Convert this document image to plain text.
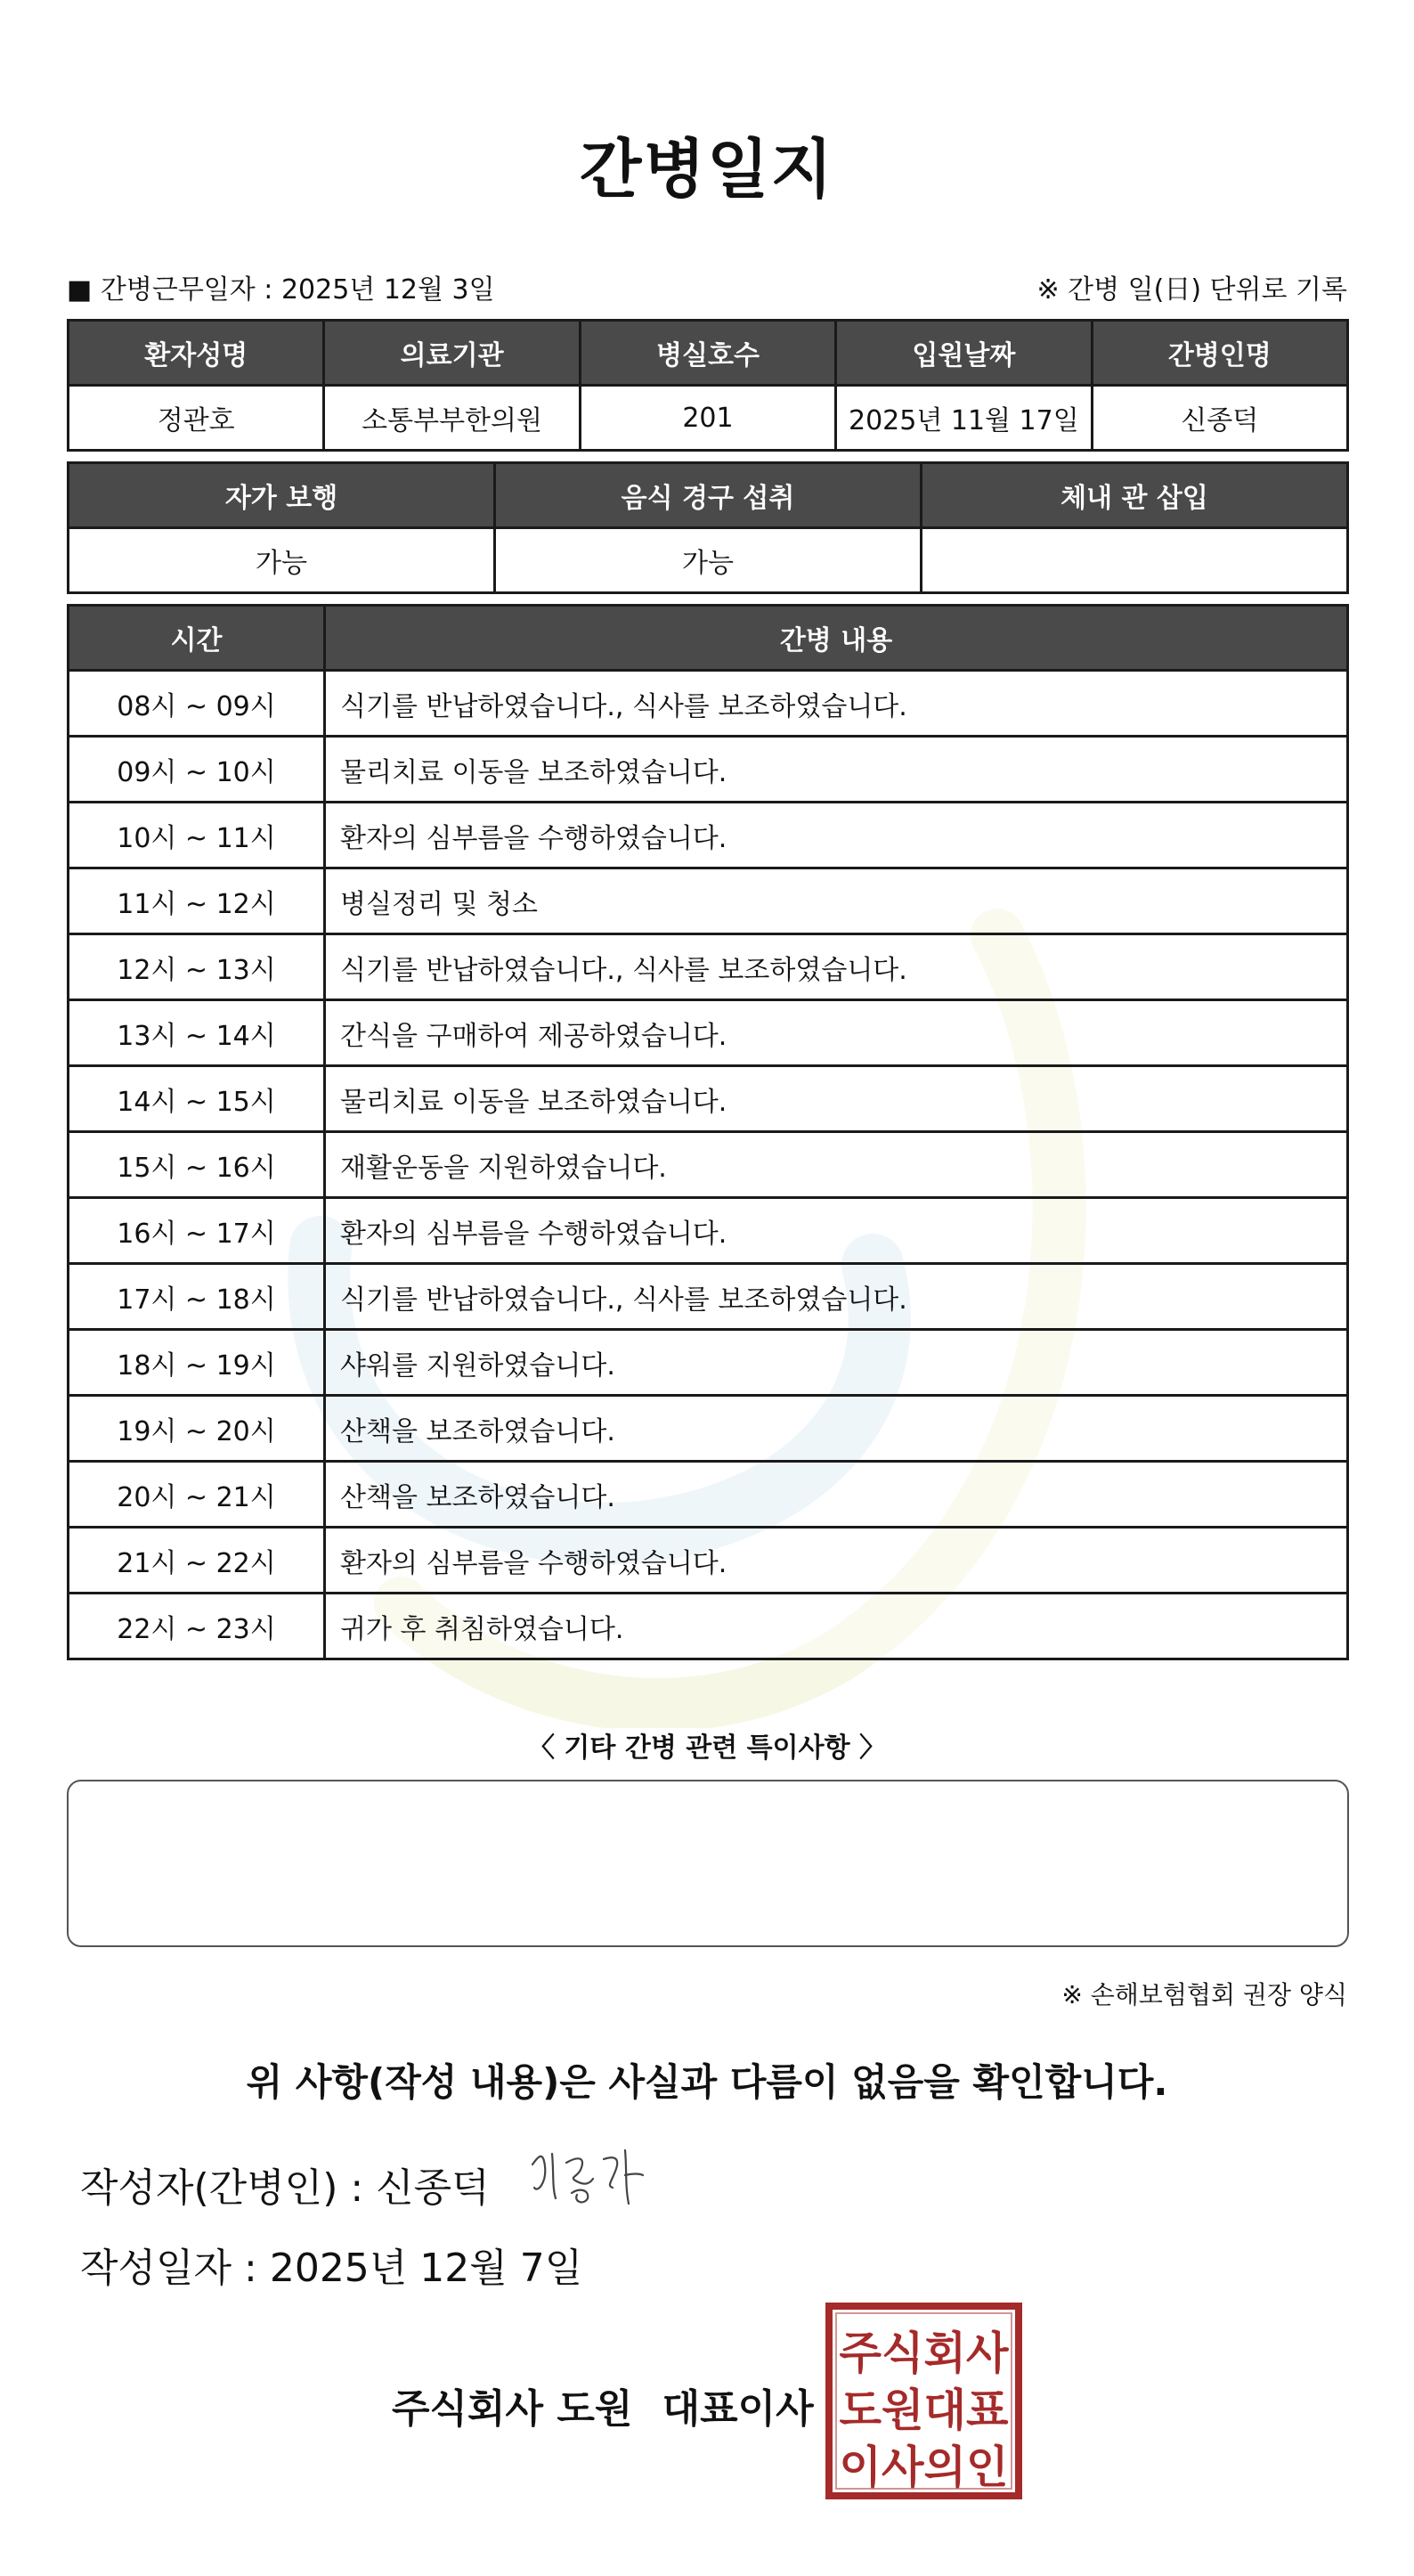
간병일지
■ 간병근무일자 : 2025년 12월 3일	※ 간병 일(日) 단위로 기록
환자성명	의료기관	병실호수	입원날짜	간병인명
정관호	소통부부한의원	201	2025년 11월 17일	신종덕
자가 보행	음식 경구 섭취	체내 관 삽입
가능	가능	
시간	간병 내용
08시 ~ 09시	식기를 반납하였습니다., 식사를 보조하였습니다.
09시 ~ 10시	물리치료 이동을 보조하였습니다.
10시 ~ 11시	환자의 심부름을 수행하였습니다.
11시 ~ 12시	병실정리 및 청소
12시 ~ 13시	식기를 반납하였습니다., 식사를 보조하였습니다.
13시 ~ 14시	간식을 구매하여 제공하였습니다.
14시 ~ 15시	물리치료 이동을 보조하였습니다.
15시 ~ 16시	재활운동을 지원하였습니다.
16시 ~ 17시	환자의 심부름을 수행하였습니다.
17시 ~ 18시	식기를 반납하였습니다., 식사를 보조하였습니다.
18시 ~ 19시	샤워를 지원하였습니다.
19시 ~ 20시	산책을 보조하였습니다.
20시 ~ 21시	산책을 보조하였습니다.
21시 ~ 22시	환자의 심부름을 수행하였습니다.
22시 ~ 23시	귀가 후 취침하였습니다.
〈 기타 간병 관련 특이사항 〉
※ 손해보험협회 권장 양식
위 사항(작성 내용)은 사실과 다름이 없음을 확인합니다.
작성자(간병인) : 신종덕
작성일자 : 2025년 12월 7일
주식회사 도원 대표이사
주식회사
도원대표
이사의인
